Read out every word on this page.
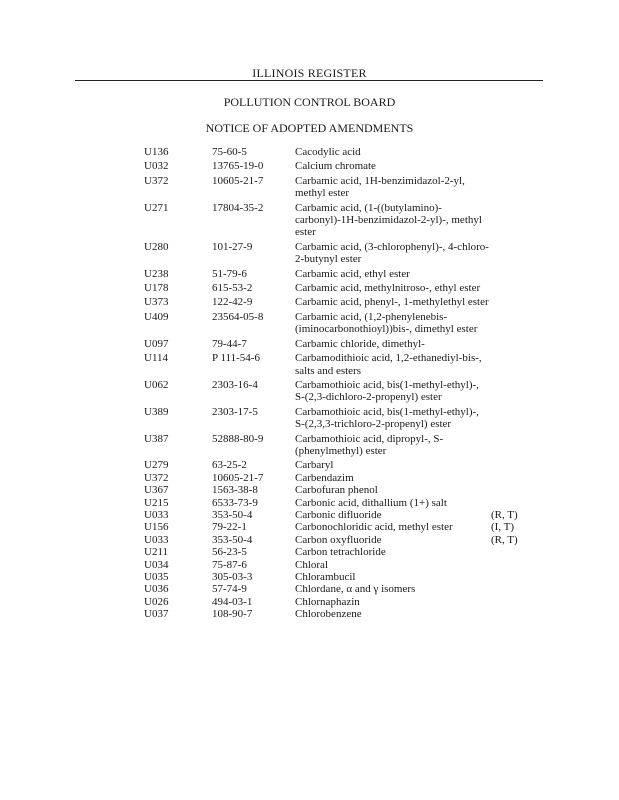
ILLINOIS REGISTER
POLLUTION CONTROL BOARD
NOTICE OF ADOPTED AMENDMENTS
U136	75-60-5	Cacodylic acid
U032	13765-19-0	Calcium chromate
U372	10605-21-7	Carbamic acid, 1H-benzimidazol-2-yl, methyl ester
U271	17804-35-2	Carbamic acid, (1-((butylamino)-carbonyl)-1H-benzimidazol-2-yl)-, methyl ester
U280	101-27-9	Carbamic acid, (3-chlorophenyl)-, 4-chloro-2-butynyl ester
U238	51-79-6	Carbamic acid, ethyl ester
U178	615-53-2	Carbamic acid, methylnitroso-, ethyl ester
U373	122-42-9	Carbamic acid, phenyl-, 1-methylethyl ester
U409	23564-05-8	Carbamic acid, (1,2-phenylenebis-(iminocarbonothioyl))bis-, dimethyl ester
U097	79-44-7	Carbamic chloride, dimethyl-
U114	P 111-54-6	Carbamodithioic acid, 1,2-ethanediyl-bis-, salts and esters
U062	2303-16-4	Carbamothioic acid, bis(1-methyl-ethyl)-, S-(2,3-dichloro-2-propenyl) ester
U389	2303-17-5	Carbamothioic acid, bis(1-methyl-ethyl)-, S-(2,3,3-trichloro-2-propenyl) ester
U387	52888-80-9	Carbamothioic acid, dipropyl-, S-(phenylmethyl) ester
U279	63-25-2	Carbaryl
U372	10605-21-7	Carbendazim
U367	1563-38-8	Carbofuran phenol
U215	6533-73-9	Carbonic acid, dithallium (1+) salt
U033	353-50-4	Carbonic difluoride	(R, T)
U156	79-22-1	Carbonochloridic acid, methyl ester	(I, T)
U033	353-50-4	Carbon oxyfluoride	(R, T)
U211	56-23-5	Carbon tetrachloride
U034	75-87-6	Chloral
U035	305-03-3	Chlorambucil
U036	57-74-9	Chlordane, α and γ isomers
U026	494-03-1	Chlornaphazin
U037	108-90-7	Chlorobenzene
